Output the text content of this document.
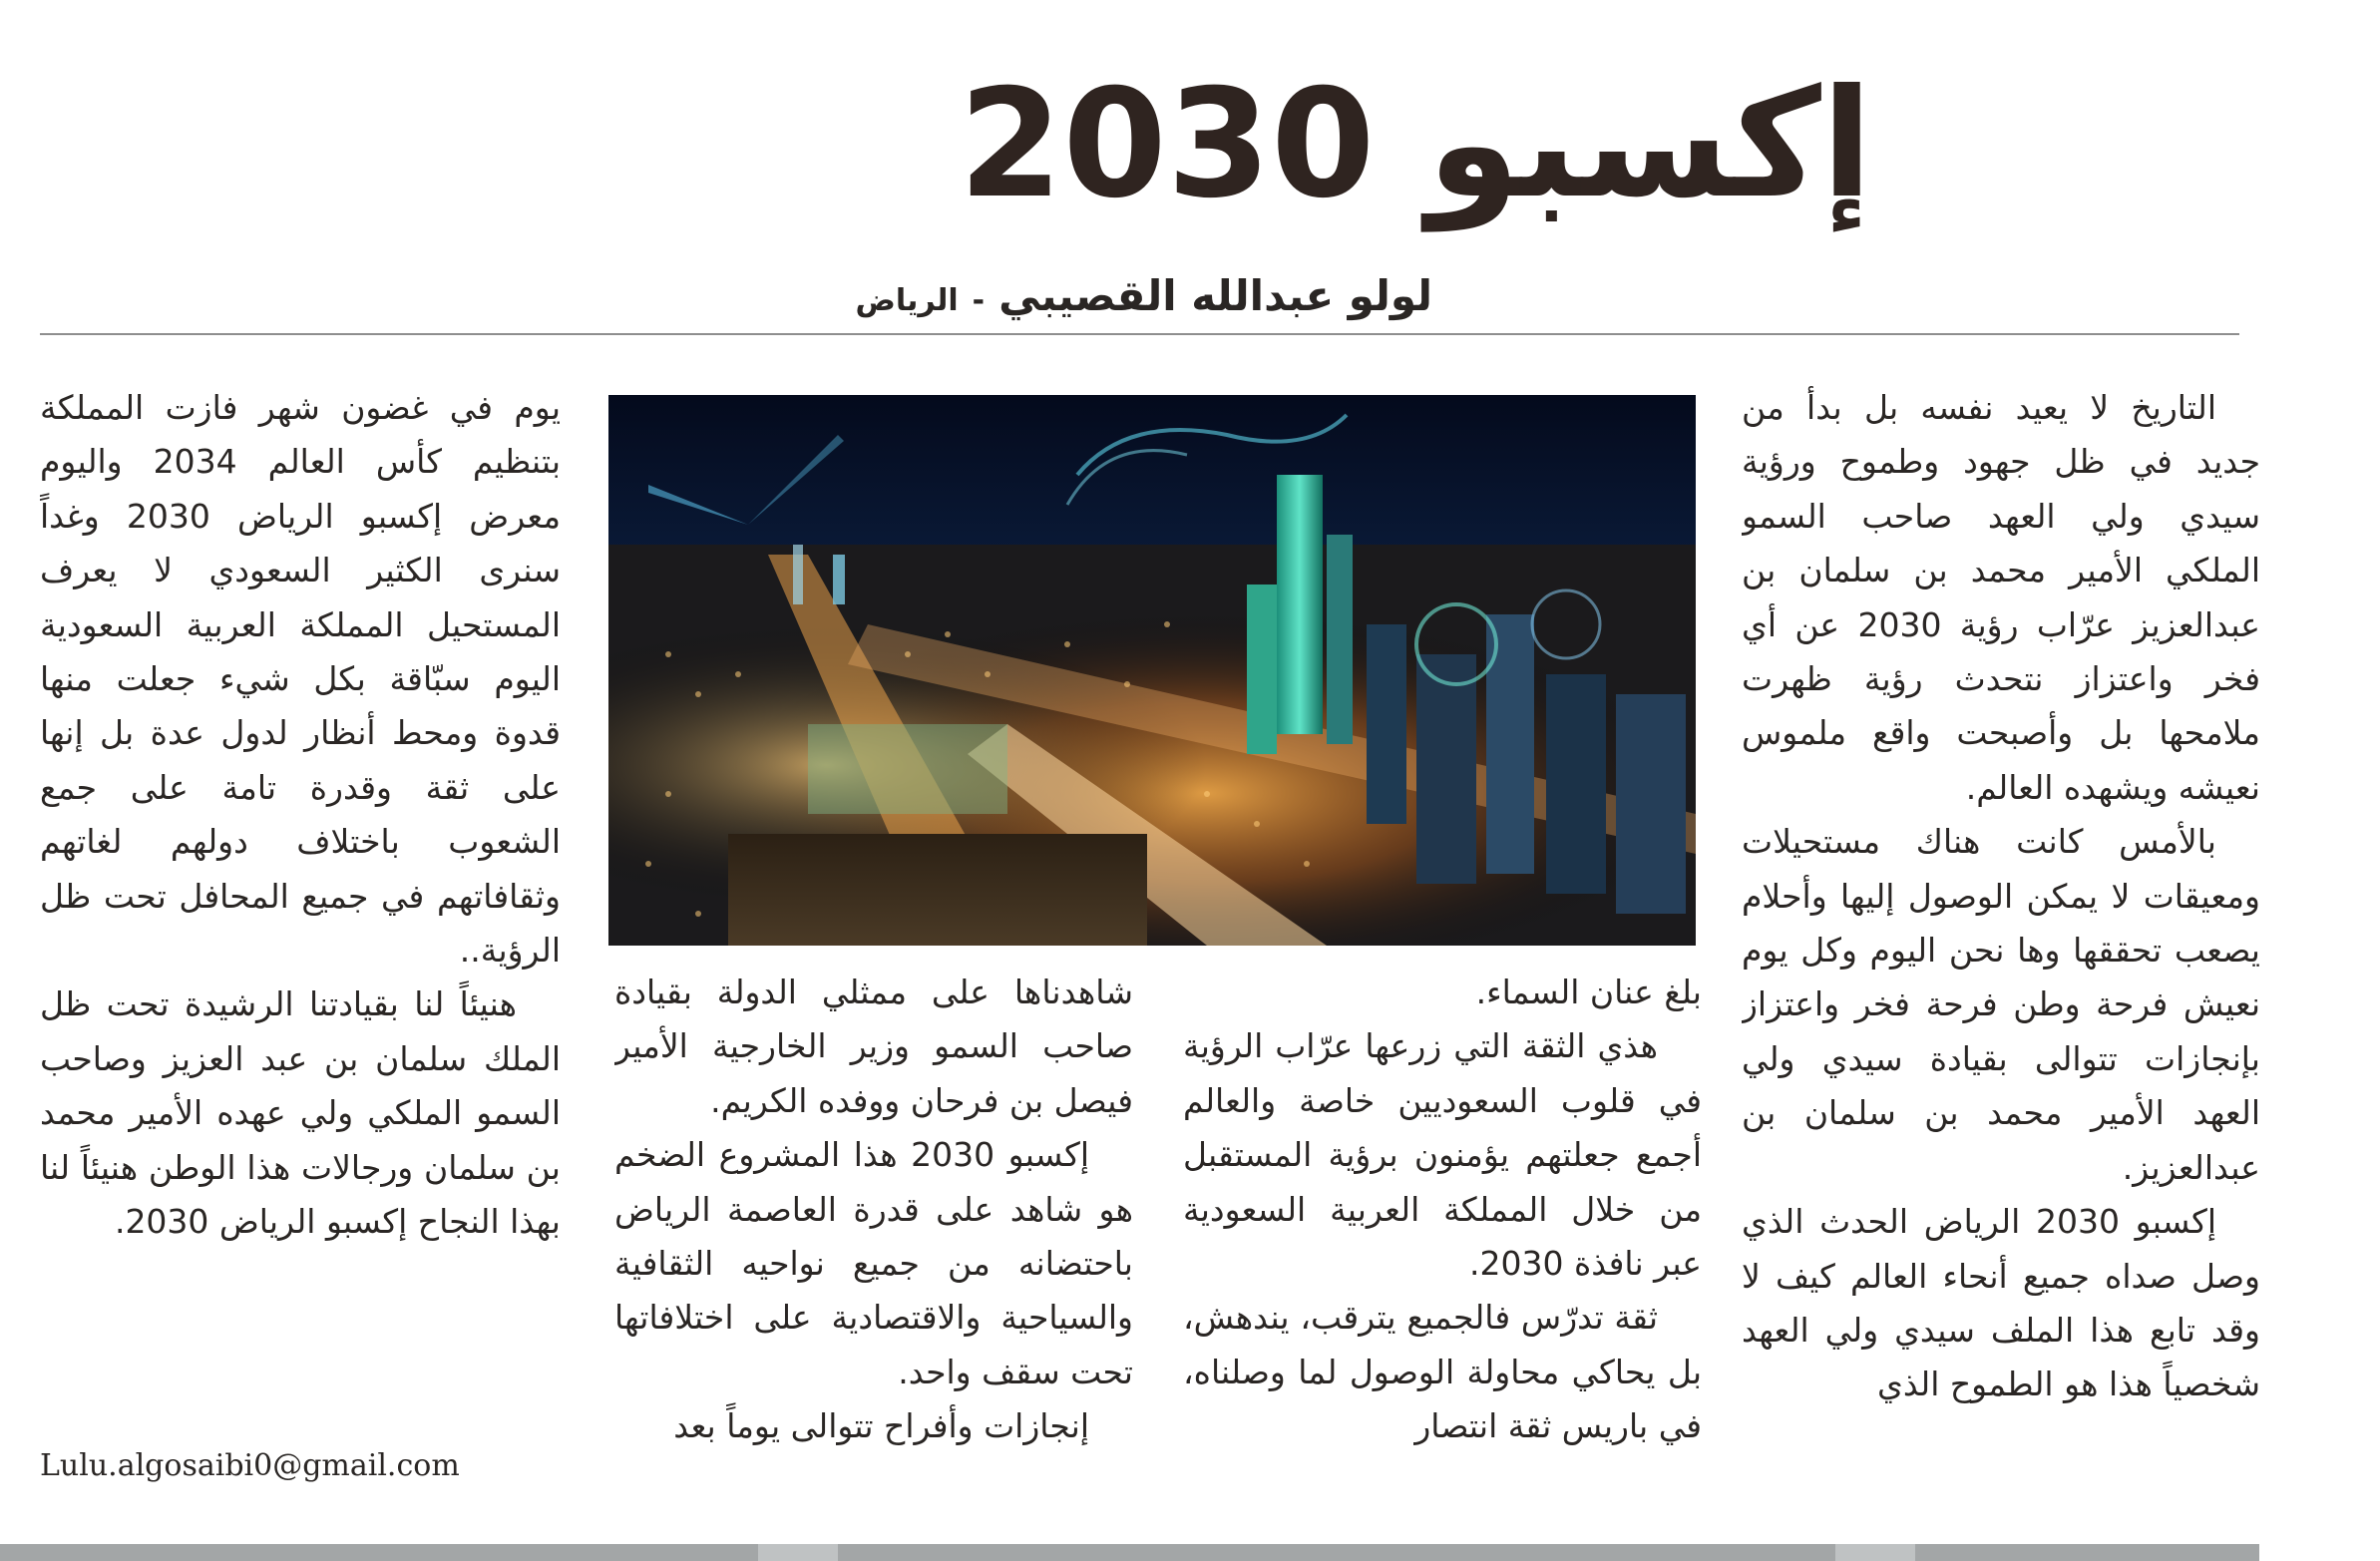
إكسبو 2030
لولو عبدالله القصيبي
-
الرياض

التاريخ لا يعيد نفسه بل بدأ من جديد في ظل جهود وطموح ورؤية سيدي ولي العهد صاحب السمو الملكي الأمير محمد بن سلمان بن عبدالعزيز عرّاب رؤية 2030 عن أي فخر واعتزاز نتحدث رؤية ظهرت ملامحها بل وأصبحت واقع ملموس نعيشه ويشهده العالم.

بالأمس كانت هناك مستحيلات ومعيقات لا يمكن الوصول إليها وأحلام يصعب تحققها وها نحن اليوم وكل يوم نعيش فرحة وطن فرحة فخر واعتزاز بإنجازات تتوالى بقيادة سيدي ولي العهد الأمير محمد بن سلمان بن عبدالعزيز.

إكسبو 2030 الرياض الحدث الذي وصل صداه جميع أنحاء العالم كيف لا وقد تابع هذا الملف سيدي ولي العهد شخصياً هذا هو الطموح الذي

بلغ عنان السماء.

هذي الثقة التي زرعها عرّاب الرؤية في قلوب السعوديين خاصة والعالم أجمع جعلتهم يؤمنون برؤية المستقبل من خلال المملكة العربية السعودية عبر نافذة 2030.

ثقة تدرّس فالجميع يترقب، يندهش، بل يحاكي محاولة الوصول لما وصلناه، في باريس ثقة انتصار

شاهدناها على ممثلي الدولة بقيادة صاحب السمو وزير الخارجية الأمير فيصل بن فرحان ووفده الكريم.

إكسبو 2030 هذا المشروع الضخم هو شاهد على قدرة العاصمة الرياض باحتضانه من جميع نواحيه الثقافية والسياحية والاقتصادية على اختلافاتها تحت سقف واحد.

إنجازات وأفراح تتوالى يوماً بعد

يوم في غضون شهر فازت المملكة بتنظيم كأس العالم 2034 واليوم معرض إكسبو الرياض 2030 وغداً سنرى الكثير السعودي لا يعرف المستحيل المملكة العربية السعودية اليوم سبّاقة بكل شيء جعلت منها قدوة ومحط أنظار لدول عدة بل إنها على ثقة وقدرة تامة على جمع الشعوب باختلاف دولهم لغاتهم وثقافاتهم في جميع المحافل تحت ظل الرؤية..

هنيئاً لنا بقيادتنا الرشيدة تحت ظل الملك سلمان بن عبد العزيز وصاحب السمو الملكي ولي عهده الأمير محمد بن سلمان ورجالات هذا الوطن هنيئاً لنا بهذا النجاح إكسبو الرياض 2030.

Lulu.algosaibi0@gmail.com
